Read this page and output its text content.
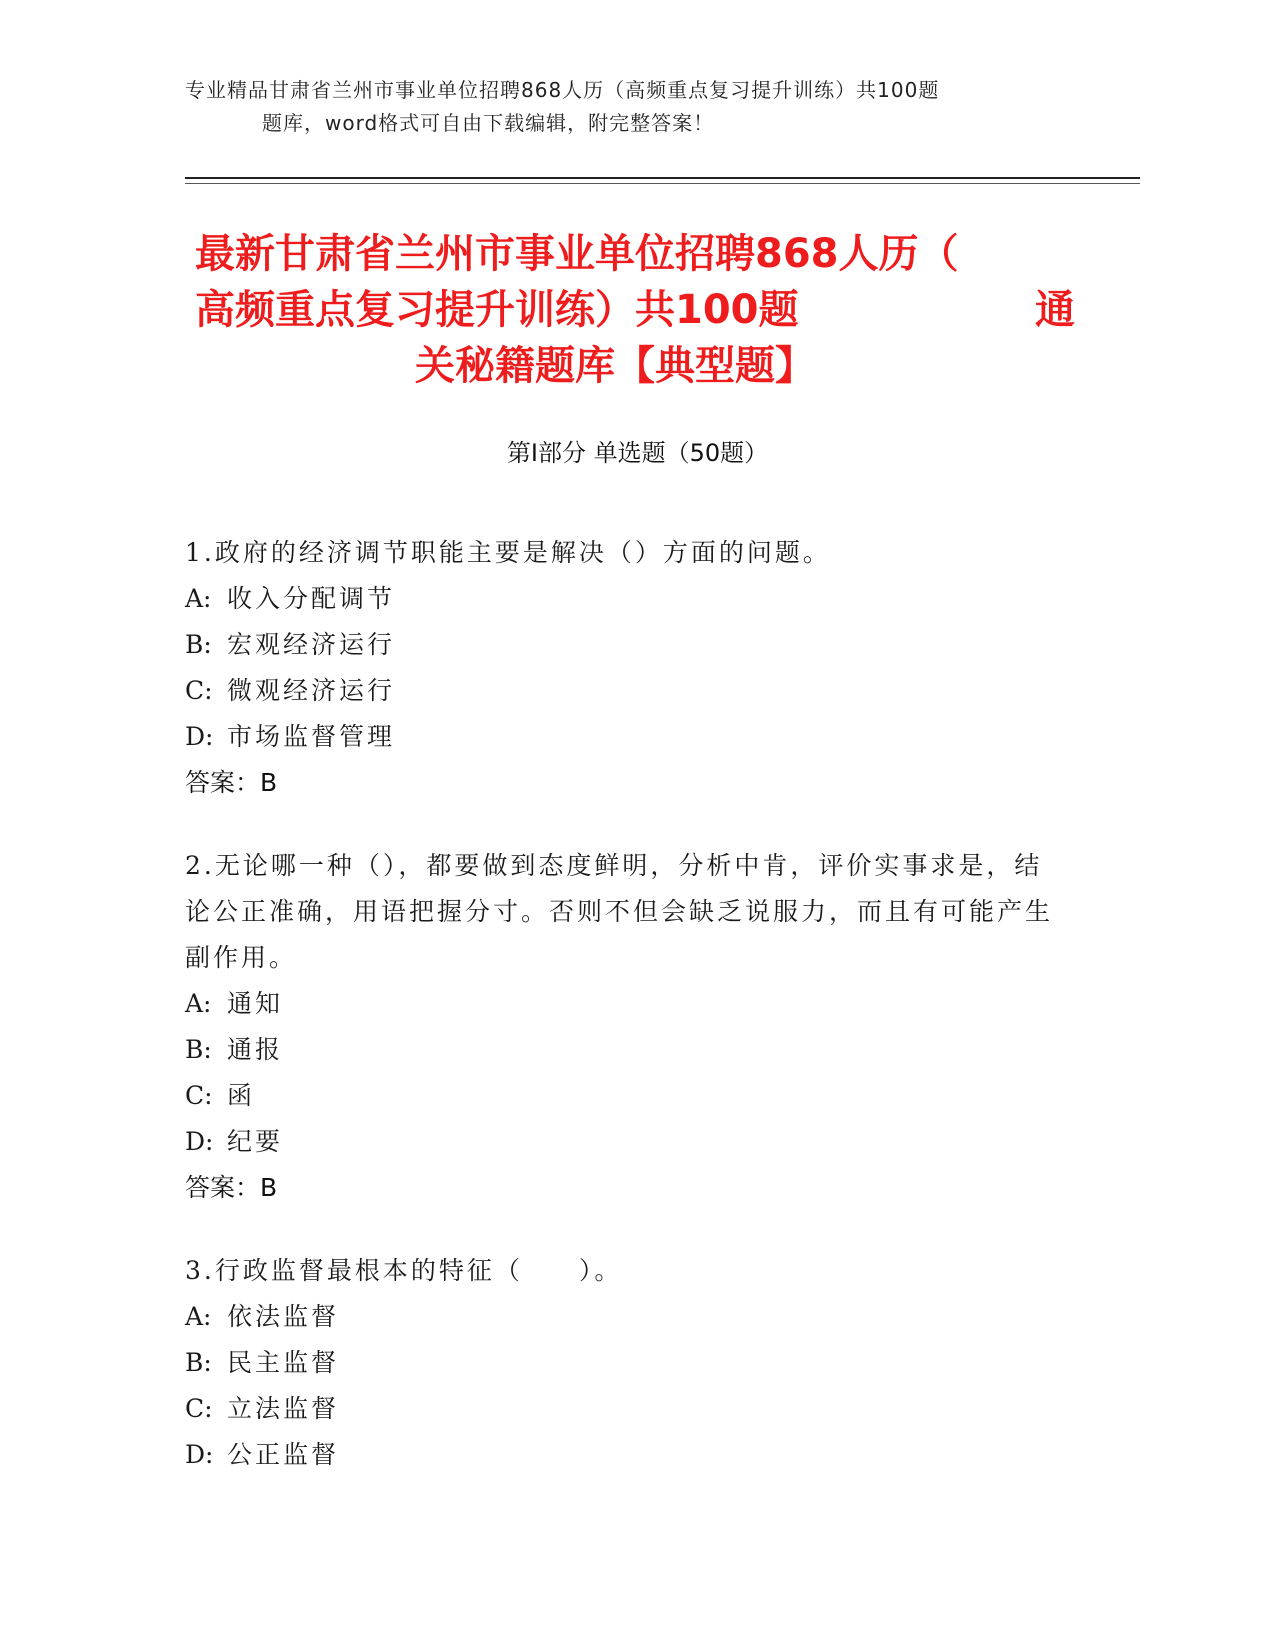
专业精品甘肃省兰州市事业单位招聘868人历（高频重点复习提升训练）共100题
题库，word格式可自由下载编辑，附完整答案！
最新甘肃省兰州市事业单位招聘868人历（
高频重点复习提升训练）共100题	通
关秘籍题库【典型题】
第Ⅰ部分 单选题（50题）
1.政府的经济调节职能主要是解决（）方面的问题。
A: 收入分配调节
B: 宏观经济运行
C: 微观经济运行
D: 市场监督管理
答案：B
2.无论哪一种（），都要做到态度鲜明，分析中肯，评价实事求是，结论公正准确，用语把握分寸。否则不但会缺乏说服力，而且有可能产生副作用。
A: 通知
B: 通报
C: 函
D: 纪要
答案：B
3.行政监督最根本的特征（　　）。
A: 依法监督
B: 民主监督
C: 立法监督
D: 公正监督
